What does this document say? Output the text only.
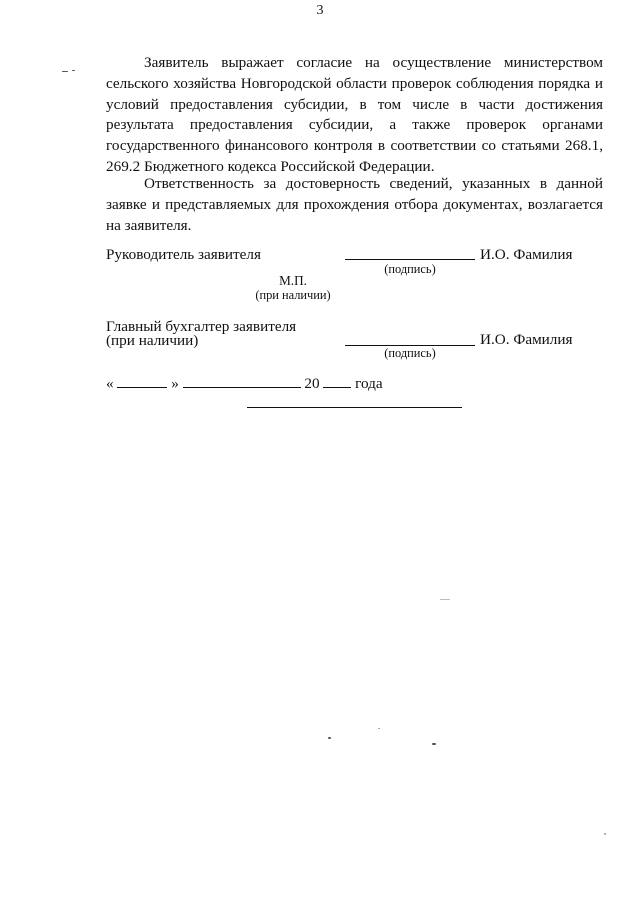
3

Заявитель выражает согласие на осуществление министерством сельского хозяйства Новгородской области проверок соблюдения порядка и условий предоставления субсидии, в том числе в части достижения результата предоставления субсидии, а также проверок органами государственного финансового контроля в соответствии со статьями 268.1, 269.2 Бюджетного кодекса Российской Федерации.

Ответственность за достоверность сведений, указанных в данной заявке и представляемых для прохождения отбора документах, возлагается на заявителя.

Руководитель заявителя	И.О. Фамилия
(подпись)
М.П.
(при наличии)
Главный бухгалтер заявителя
(при наличии)	И.О. Фамилия
(подпись)
«	»	20 года
